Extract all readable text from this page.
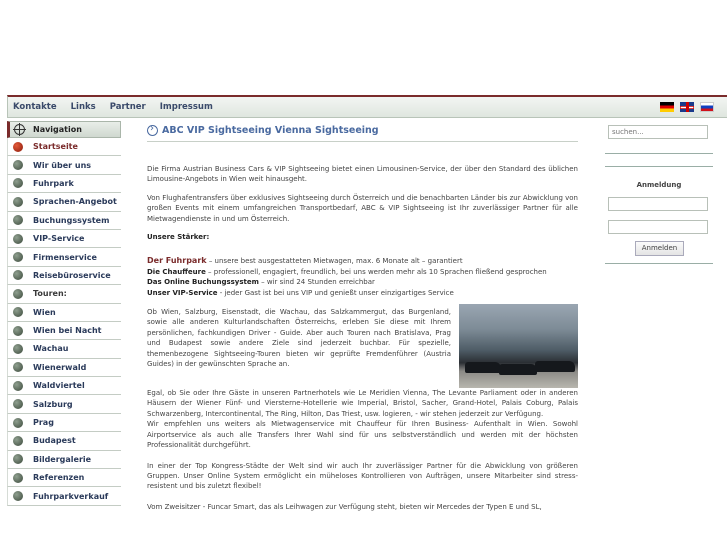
Kontakte Links Partner Impressum
Navigation
Startseite
Wir über uns
Fuhrpark
Sprachen-Angebot
Buchungssystem
VIP-Service
Firmenservice
Reisebüroservice
Touren:
Wien
Wien bei Nacht
Wachau
Wienerwald
Waldviertel
Salzburg
Prag
Budapest
Bildergalerie
Referenzen
Fuhrparkverkauf
›
ABC VIP Sightseeing Vienna Sightseeing

Die Firma Austrian Business Cars & VIP Sightseeing bietet einen Limousinen-Service, der über den Standard des üblichen Limousine-Angebots in Wien weit hinausgeht.

Von Flughafentransfers über exklusives Sightseeing durch Österreich und die benachbarten Länder bis zur Abwicklung von großen Events mit einem umfangreichen Transportbedarf, ABC & VIP Sightseeing ist Ihr zuverlässiger Partner für alle Mietwagendienste in und um Österreich.

Unsere Stärker:

Der Fuhrpark – unsere best ausgestatteten Mietwagen, max. 6 Monate alt – garantiert

Die Chauffeure – professionell, engagiert, freundlich, bei uns werden mehr als 10 Sprachen fließend gesprochen

Das Online Buchungssystem – wir sind 24 Stunden erreichbar

Unser VIP-Service - jeder Gast ist bei uns VIP und genießt unser einzigartiges Service

Ob Wien, Salzburg, Eisenstadt, die Wachau, das Salzkammergut, das Burgenland, sowie alle anderen Kulturlandschaften Österreichs, erleben Sie diese mit Ihrem persönlichen, fachkundigen Driver - Guide. Aber auch Touren nach Bratislava, Prag und Budapest sowie andere Ziele sind jederzeit buchbar. Für spezielle, themenbezogene Sightseeing-Touren bieten wir geprüfte Fremdenführer (Austria Guides) in der gewünschten Sprache an.

Egal, ob Sie oder Ihre Gäste in unseren Partnerhotels wie Le Meridien Vienna, The Levante Parliament oder in anderen Häusern der Wiener Fünf- und Viersterne-Hotellerie wie Imperial, Bristol, Sacher, Grand-Hotel, Palais Coburg, Palais Schwarzenberg, Intercontinental, The Ring, Hilton, Das Triest, usw. logieren, - wir stehen jederzeit zur Verfügung.

Wir empfehlen uns weiters als Mietwagenservice mit Chauffeur für Ihren Business- Aufenthalt in Wien. Sowohl Airportservice als auch alle Transfers Ihrer Wahl sind für uns selbstverständlich und werden mit der höchsten Professionalität durchgeführt.

In einer der Top Kongress-Städte der Welt sind wir auch Ihr zuverlässiger Partner für die Abwicklung von größeren Gruppen. Unser Online System ermöglicht ein müheloses Kontrollieren von Aufträgen, unsere Mitarbeiter sind stress-resistent und bis zuletzt flexibel!

Vom Zweisitzer - Funcar Smart, das als Leihwagen zur Verfügung steht, bieten wir Mercedes der Typen E und SL,

suchen...
Anmeldung
Anmelden
